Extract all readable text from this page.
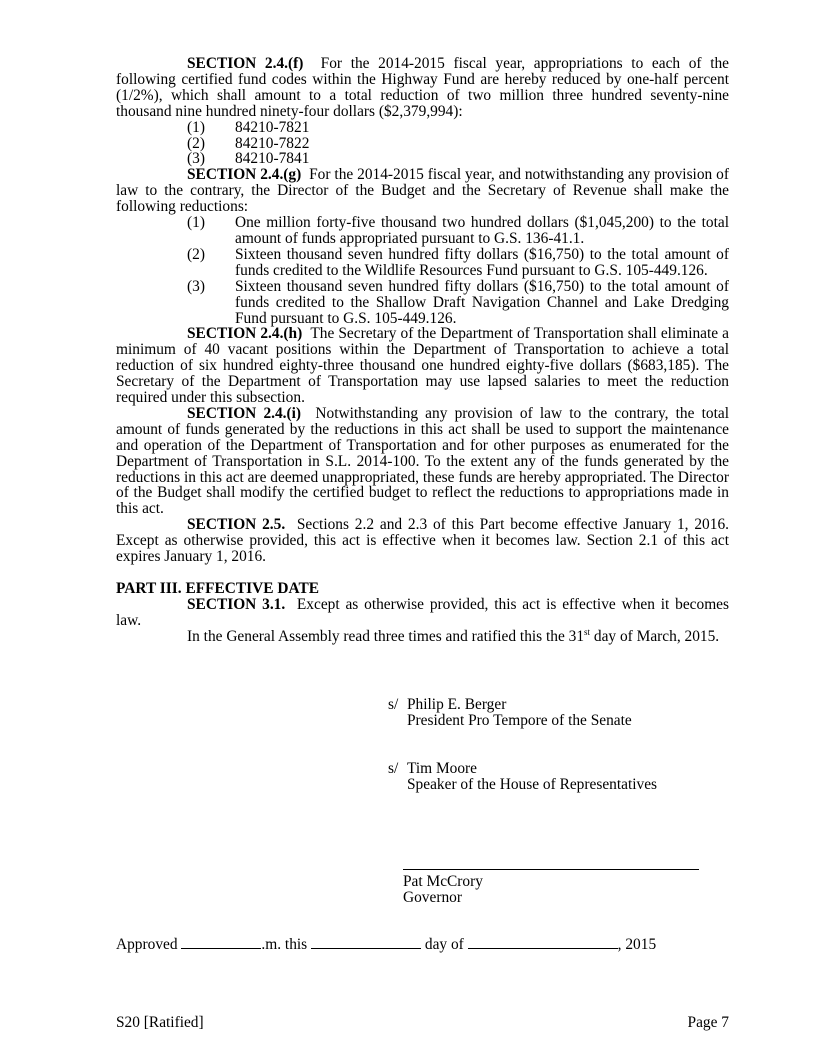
SECTION 2.4.(f) For the 2014-2015 fiscal year, appropriations to each of the following certified fund codes within the Highway Fund are hereby reduced by one-half percent (1/2%), which shall amount to a total reduction of two million three hundred seventy-nine thousand nine hundred ninety-four dollars ($2,379,994):

(1)	84210-7821
(2)	84210-7822
(3)	84210-7841

SECTION 2.4.(g) For the 2014-2015 fiscal year, and notwithstanding any provision of law to the contrary, the Director of the Budget and the Secretary of Revenue shall make the following reductions:

(1)	One million forty-five thousand two hundred dollars ($1,045,200) to the total amount of funds appropriated pursuant to G.S. 136-41.1.
(2)	Sixteen thousand seven hundred fifty dollars ($16,750) to the total amount of funds credited to the Wildlife Resources Fund pursuant to G.S. 105-449.126.
(3)	Sixteen thousand seven hundred fifty dollars ($16,750) to the total amount of funds credited to the Shallow Draft Navigation Channel and Lake Dredging Fund pursuant to G.S. 105-449.126.

SECTION 2.4.(h) The Secretary of the Department of Transportation shall eliminate a minimum of 40 vacant positions within the Department of Transportation to achieve a total reduction of six hundred eighty-three thousand one hundred eighty-five dollars ($683,185). The Secretary of the Department of Transportation may use lapsed salaries to meet the reduction required under this subsection.

SECTION 2.4.(i) Notwithstanding any provision of law to the contrary, the total amount of funds generated by the reductions in this act shall be used to support the maintenance and operation of the Department of Transportation and for other purposes as enumerated for the Department of Transportation in S.L. 2014-100. To the extent any of the funds generated by the reductions in this act are deemed unappropriated, these funds are hereby appropriated. The Director of the Budget shall modify the certified budget to reflect the reductions to appropriations made in this act.

SECTION 2.5. Sections 2.2 and 2.3 of this Part become effective January 1, 2016. Except as otherwise provided, this act is effective when it becomes law. Section 2.1 of this act expires January 1, 2016.

PART III. EFFECTIVE DATE

SECTION 3.1. Except as otherwise provided, this act is effective when it becomes law.

In the General Assembly read three times and ratified this the 31st day of March, 2015.

s/ Philip E. Berger
President Pro Tempore of the Senate
s/ Tim Moore
Speaker of the House of Representatives
Pat McCrory
Governor
Approved	.m. this	day of	, 2015
S20 [Ratified]	Page 7
